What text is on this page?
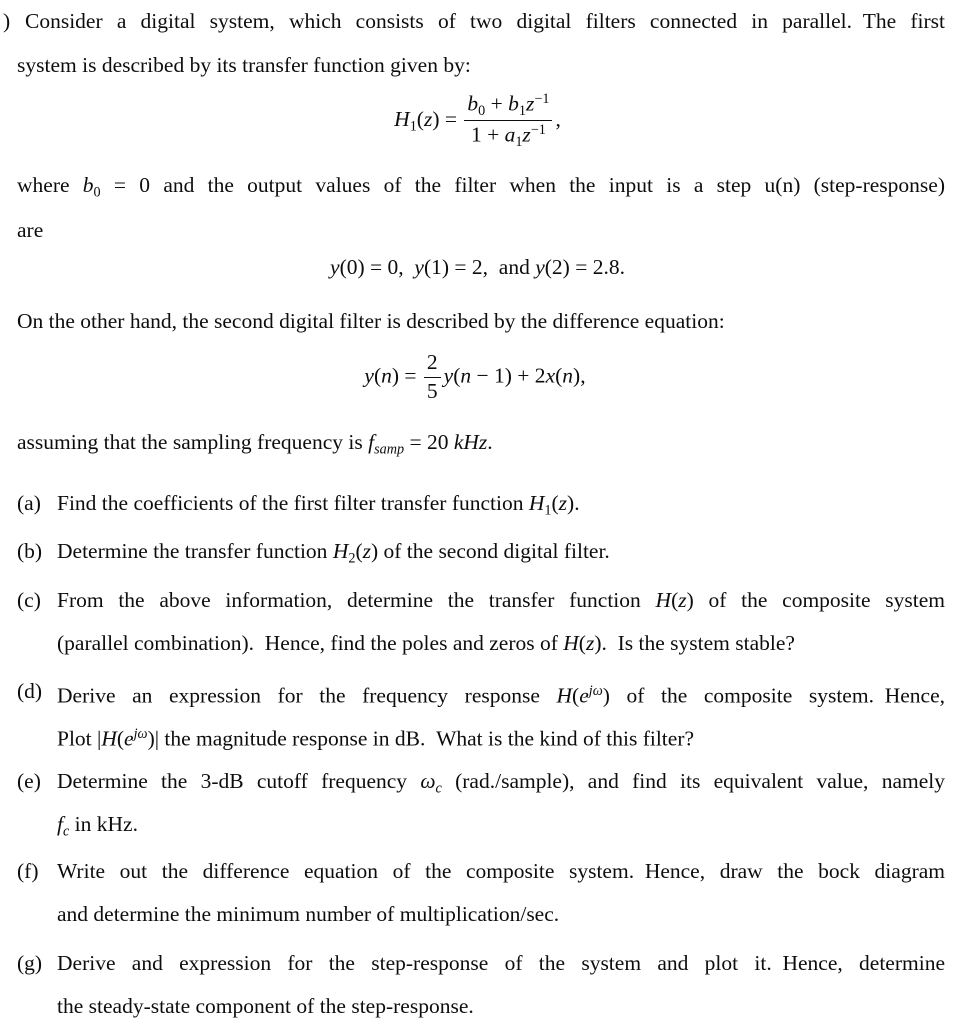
) Consider a digital system, which consists of two digital filters connected in parallel. The first
system is described by its transfer function given by:
$H_1(z) = \frac{b_0 + b_1z^{-1}}{1 + a_1z^{-1}}$ ,
where $b_0 = 0$ and the output values of the filter when the input is a step u(n) (step-response)
are
y(0) = 0, y(1) = 2, and y(2) = 2.8.
On the other hand, the second digital filter is described by the difference equation:
$y(n) = \frac{2}{5} y(n - 1) + 2x(n)$,
assuming that the sampling frequency is $f_{samp} = 20$ kHz.
(a) Find the coefficients of the first filter transfer function $H_1(z)$.
(b) Determine the transfer function $H_2(z)$ of the second digital filter.
(c) From the above information, determine the transfer function H(z) of the composite system
(parallel combination). Hence, find the poles and zeros of H(z). Is the system stable?
(d) Derive an expression for the frequency response $H(e^{j\omega})$ of the composite system. Hence,
Plot $|H(e^{j\omega})|$ the magnitude response in dB. What is the kind of this filter?
(e) Determine the 3-dB cutoff frequency $\omega_c$ (rad./sample), and find its equivalent value, namely
$f_c$ in kHz.
(f) Write out the difference equation of the composite system. Hence, draw the bock diagram
and determine the minimum number of multiplication/sec.
(g) Derive and expression for the step-response of the system and plot it. Hence, determine
the steady-state component of the step-response.
